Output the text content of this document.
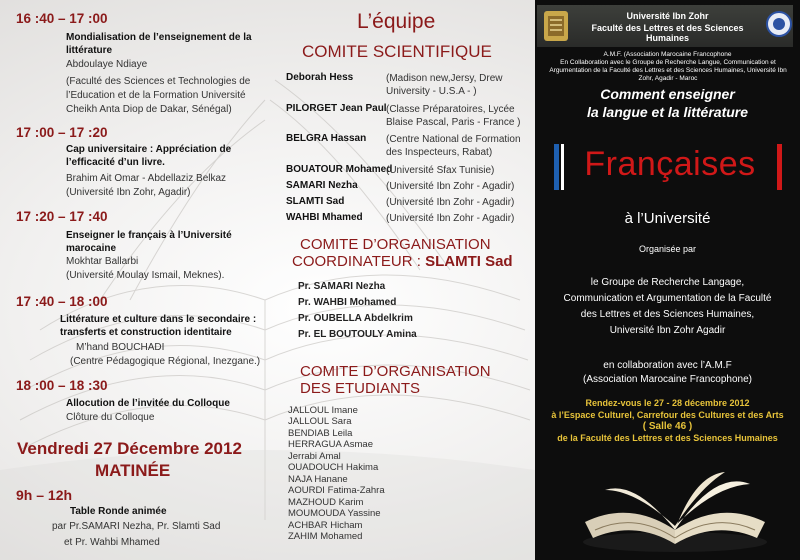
16 :40 – 17 :00
Mondialisation de l’enseignement de la littérature
Abdoulaye Ndiaye
(Faculté des Sciences et Technologies de
l’Education et de la Formation Université
Cheikh Anta Diop de Dakar, Sénégal)
17 :00 – 17 :20
Cap universitaire : Appréciation de l’efficacité d’un livre.
Brahim Ait Omar - Abdellaziz Belkaz
(Université Ibn Zohr, Agadir)
17 :20 – 17 :40
Enseigner le français à l’Université marocaine
Mokhtar Ballarbi
(Université Moulay Ismail, Meknes).
17 :40 – 18 :00
Littérature et culture dans le secondaire : transferts et construction identitaire
M’hand BOUCHADI
(Centre Pédagogique Régional, Inezgane.)
18 :00 – 18 :30
Allocution de l’invitée du Colloque
Clôture du Colloque
Vendredi 27 Décembre 2012
MATINÉE
9h – 12h
Table Ronde animée
par Pr.SAMARI Nezha, Pr. Slamti Sad
et Pr. Wahbi Mhamed
L’équipe
COMITE SCIENTIFIQUE
Deborah Hess	(Madison new,Jersy, Drew University - U.S.A - )
PILORGET Jean Paul (Classe Préparatoires, Lycée Blaise Pascal, Paris - France )
BELGRA Hassan (Centre National de Formation des Inspecteurs, Rabat)
BOUATOUR Mohamed
(Université Sfax Tunisie)
SAMARI Nezha	(Université Ibn Zohr - Agadir)
SLAMTI Sad	(Université Ibn Zohr - Agadir)
WAHBI Mhamed (Université Ibn Zohr - Agadir)
COMITE D’ORGANISATION
COORDINATEUR : SLAMTI Sad
Pr. SAMARI Nezha
Pr. WAHBI Mohamed
Pr. OUBELLA Abdelkrim
Pr. EL BOUTOULY Amina
COMITE D’ORGANISATION
DES ETUDIANTS
JALLOUL Imane
JALLOUL Sara
BENDIAB Leila
HERRAGUA Asmae
Jerrabi Amal
OUADOUCH Hakima
NAJA Hanane
AOURDI Fatima-Zahra
MAZHOUD Karim
MOUMOUDA Yassine
ACHBAR Hicham
ZAHIM Mohamed
Université Ibn Zohr
Faculté des Lettres et des Sciences Humaines
A.M.F. (Association Marocaine Francophone
En Collaboration avec le Groupe de Recherche Langue, Communication et Argumentation de la Faculté des Lettres et des Sciences Humaines, Université Ibn Zohr, Agadir - Maroc
Comment enseigner
la langue et la littérature
Françaises
à l’Université
Organisée par
le Groupe de Recherche Langage,
Communication et Argumentation de la Faculté
des Lettres et des Sciences Humaines,
Université Ibn Zohr Agadir
en collaboration avec l’A.M.F
(Association Marocaine Francophone)
Rendez-vous le 27 - 28 décembre 2012
à l’Espace Culturel, Carrefour des Cultures et des Arts
( Salle 46 )
de la Faculté des Lettres et des Sciences Humaines
